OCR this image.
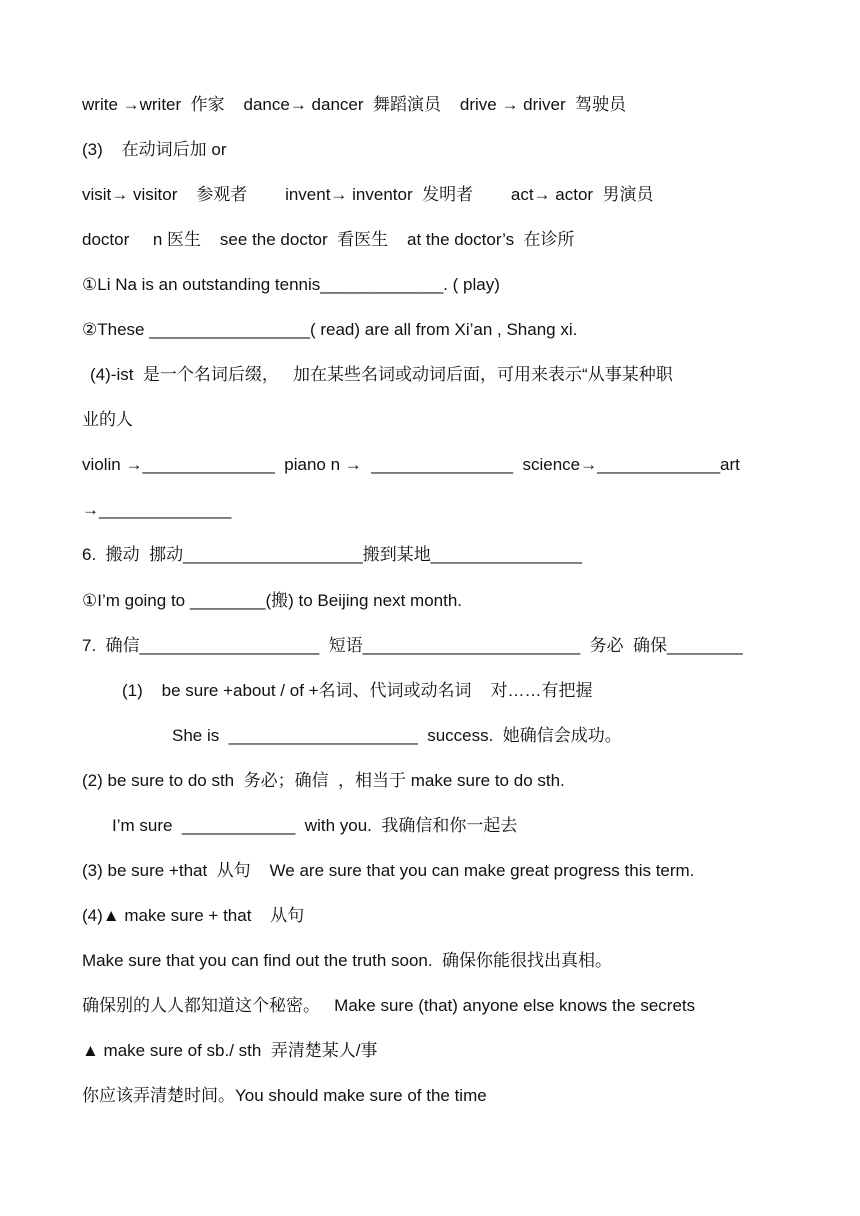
write →writer  作家    dance→ dancer  舞蹈演员    drive → driver  驾驶员
(3)    在动词后加 or
visit→ visitor    参观者        invent→ inventor  发明者        act→ actor  男演员
doctor     n 医生    see the doctor  看医生    at the doctor’s  在诊所
①Li Na is an outstanding tennis_____________. ( play)
②These _________________( read) are all from Xi’an , Shang xi.
(4)-ist  是一个名词后缀，   加在某些名词或动词后面，可用来表示“从事某种职
业的人
violin →______________  piano n →  _______________  science→_____________art
→______________
6.  搬动  挪动___________________搬到某地________________
①I’m going to ________(搬) to Beijing next month.
7.  确信___________________  短语_______________________  务必  确保________
(1)    be sure +about / of +名词、代词或动名词    对……有把握
She is  ____________________  success.  她确信会成功。
(2) be sure to do sth  务必；确信  ，相当于 make sure to do sth.
I’m sure  ____________  with you.  我确信和你一起去
(3) be sure +that  从句    We are sure that you can make great progress this term.
(4)▲ make sure + that    从句
Make sure that you can find out the truth soon.  确保你能很找出真相。
确保别的人人都知道这个秘密。   Make sure (that) anyone else knows the secrets
▲ make sure of sb./ sth  弄清楚某人/事
你应该弄清楚时间。You should make sure of the time
